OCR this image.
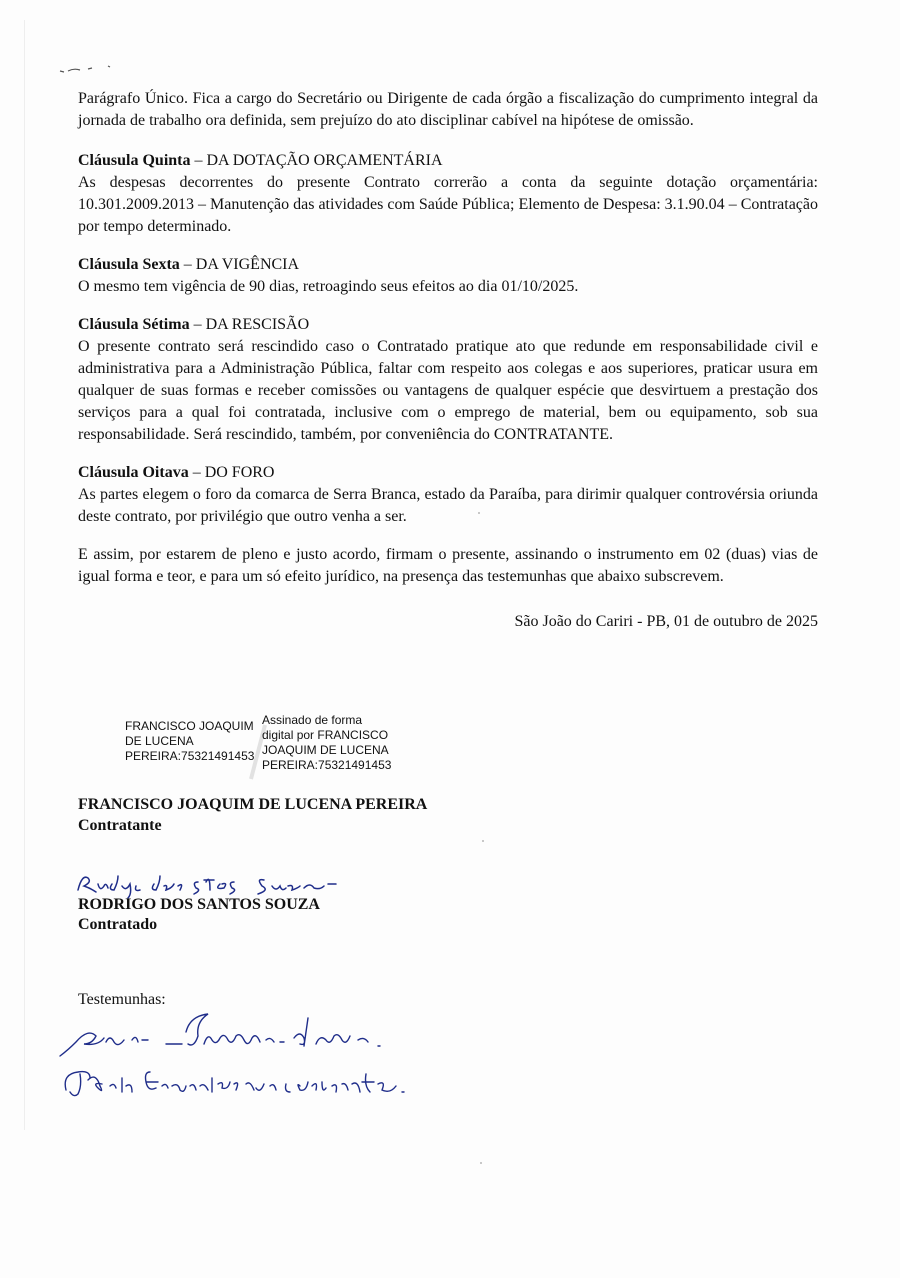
Parágrafo Único. Fica a cargo do Secretário ou Dirigente de cada órgão a fiscalização do cumprimento integral da jornada de trabalho ora definida, sem prejuízo do ato disciplinar cabível na hipótese de omissão.

Cláusula Quinta – DA DOTAÇÃO ORÇAMENTÁRIA

As despesas decorrentes do presente Contrato correrão a conta da seguinte dotação orçamentária: 10.301.2009.2013 – Manutenção das atividades com Saúde Pública; Elemento de Despesa: 3.1.90.04 – Contratação por tempo determinado.

Cláusula Sexta – DA VIGÊNCIA

O mesmo tem vigência de 90 dias, retroagindo seus efeitos ao dia 01/10/2025.

Cláusula Sétima – DA RESCISÃO

O presente contrato será rescindido caso o Contratado pratique ato que redunde em responsabilidade civil e administrativa para a Administração Pública, faltar com respeito aos colegas e aos superiores, praticar usura em qualquer de suas formas e receber comissões ou vantagens de qualquer espécie que desvirtuem a prestação dos serviços para a qual foi contratada, inclusive com o emprego de material, bem ou equipamento, sob sua responsabilidade. Será rescindido, também, por conveniência do CONTRATANTE.

Cláusula Oitava – DO FORO

As partes elegem o foro da comarca de Serra Branca, estado da Paraíba, para dirimir qualquer controvérsia oriunda deste contrato, por privilégio que outro venha a ser.

E assim, por estarem de pleno e justo acordo, firmam o presente, assinando o instrumento em 02 (duas) vias de igual forma e teor, e para um só efeito jurídico, na presença das testemunhas que abaixo subscrevem.

São João do Cariri - PB, 01 de outubro de 2025
FRANCISCO JOAQUIM
DE LUCENA
PEREIRA:75321491453
Assinado de forma
digital por FRANCISCO
JOAQUIM DE LUCENA
PEREIRA:75321491453
FRANCISCO JOAQUIM DE LUCENA PEREIRA
Contratante
RODRIGO DOS SANTOS SOUZA
Contratado
Testemunhas:
